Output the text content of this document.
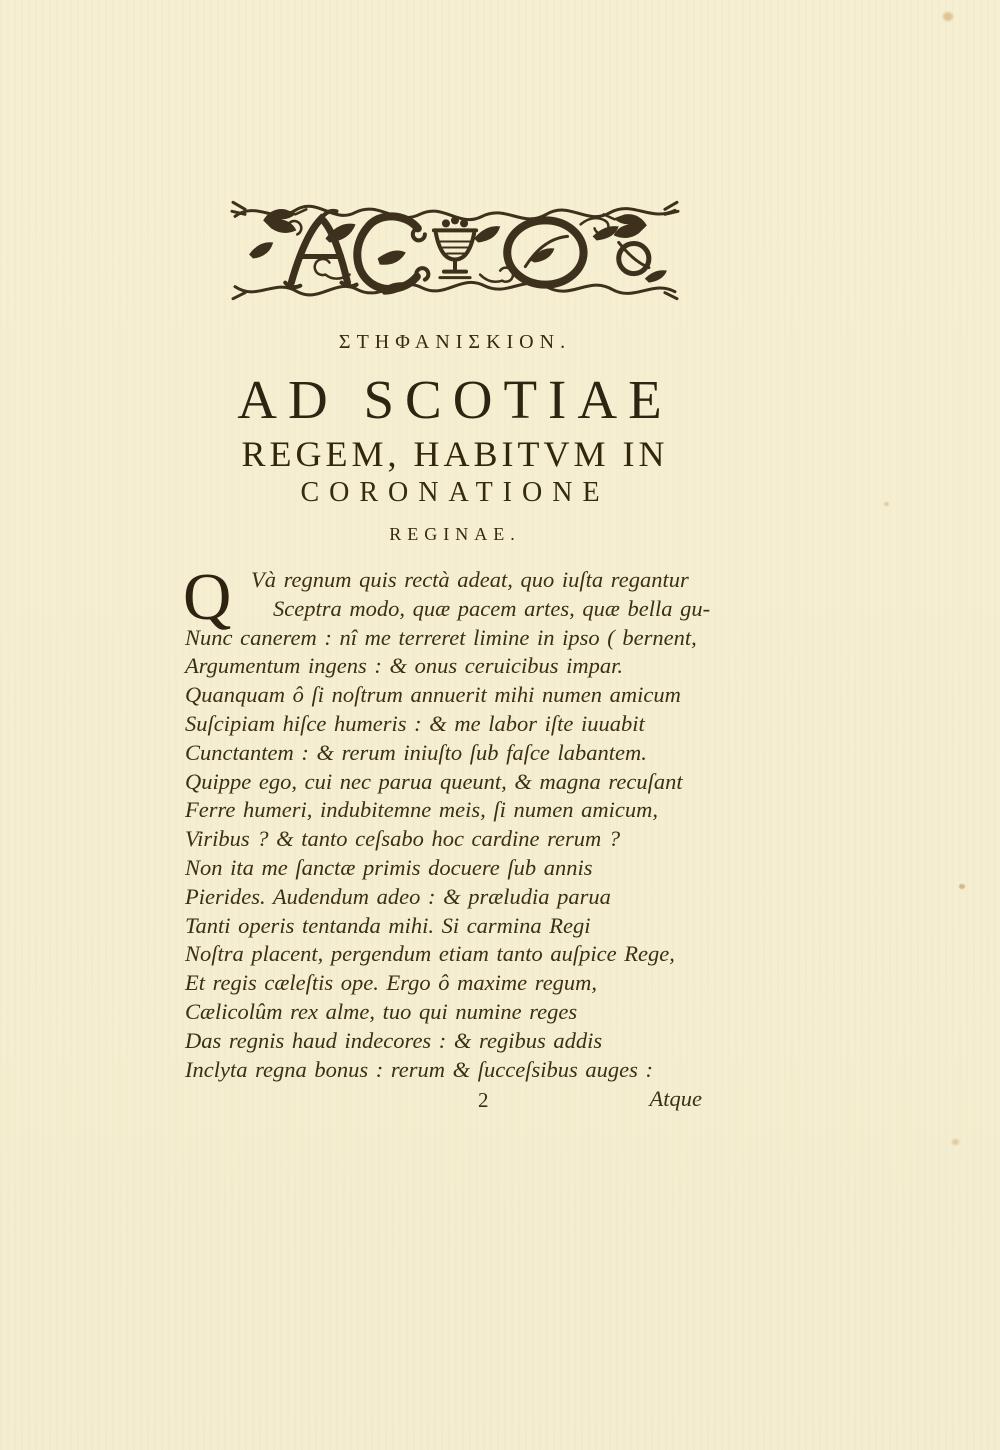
ΣΤΗΦΑΝΙΣΚΙΟΝ.
AD SCOTIAE
REGEM, HABITVM IN
CORONATIONE
REGINAE.
Q Và regnum quis rectà adeat, quo iuſta regantur
Sceptra modo, quæ pacem artes, quæ bella gu-
Nunc canerem : nî me terreret limine in ipso ( bernent,
Argumentum ingens : & onus ceruicibus impar.
Quanquam ô ſi noſtrum annuerit mihi numen amicum
Suſcipiam hiſce humeris : & me labor iſte iuuabit
Cunctantem : & rerum iniuſto ſub faſce labantem.
Quippe ego, cui nec parua queunt, & magna recuſant
Ferre humeri, indubitemne meis, ſi numen amicum,
Viribus ? & tanto ceſsabo hoc cardine rerum ?
Non ita me ſanctæ primis docuere ſub annis
Pierides. Audendum adeo : & præludia parua
Tanti operis tentanda mihi. Si carmina Regi
Noſtra placent, pergendum etiam tanto auſpice Rege,
Et regis cæleſtis ope. Ergo ô maxime regum,
Cælicolûm rex alme, tuo qui numine reges
Das regnis haud indecores : & regibus addis
Inclyta regna bonus : rerum & ſucceſsibus auges :
2	Atque
